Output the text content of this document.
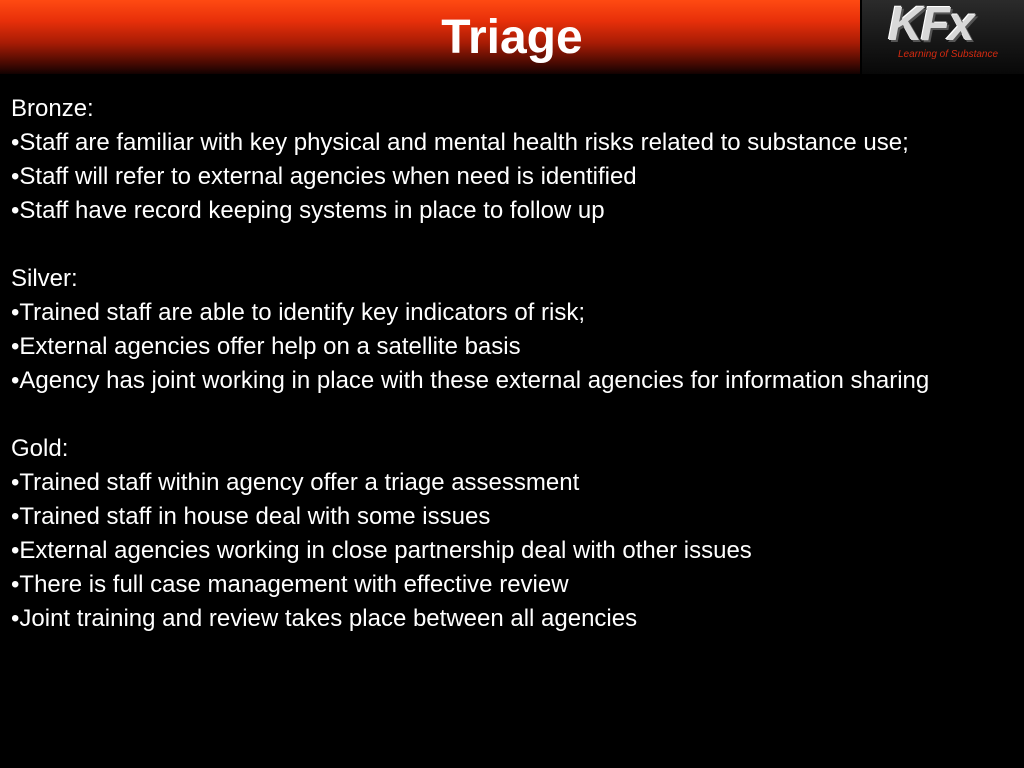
Triage	KFx
Learning of Substance

Bronze:

• Staff are familiar with key physical and mental health risks related to substance use;

• Staff will refer to external agencies when need is identified

• Staff have record keeping systems in place to follow up

Silver:

• Trained staff are able to identify key indicators of risk;

• External agencies offer help on a satellite basis

• Agency has joint working in place with these external agencies for information sharing

Gold:

• Trained staff within agency offer a triage assessment

• Trained staff in house deal with some issues

• External agencies working in close partnership deal with other issues

• There is full case management with effective review

• Joint training and review takes place between all agencies
